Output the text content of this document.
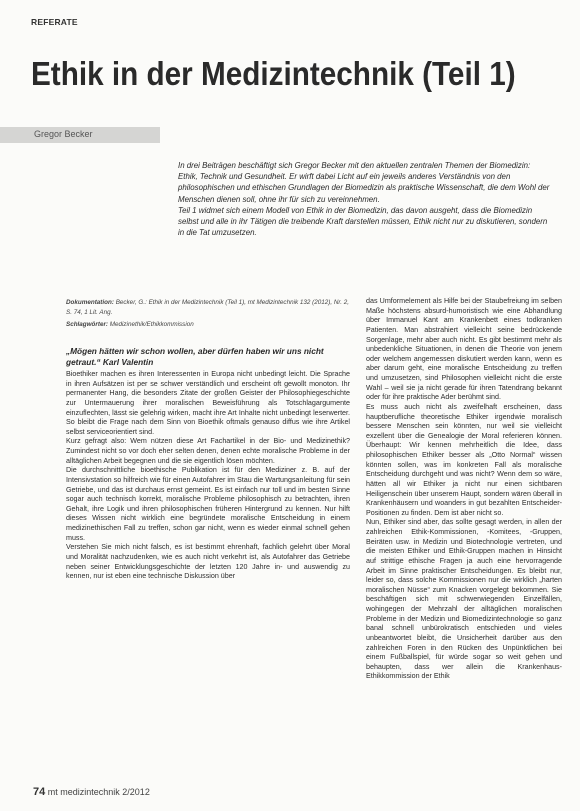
REFERATE
Ethik in der Medizintechnik (Teil 1)
Gregor Becker

In drei Beiträgen beschäftigt sich Gregor Becker mit den aktuellen zentralen Themen der Biomedizin: Ethik, Technik und Gesundheit. Er wirft dabei Licht auf ein jeweils anderes Verständnis von den philosophischen und ethischen Grundlagen der Biomedizin als praktische Wissenschaft, die dem Wohl der Menschen dienen soll, ohne ihr für sich zu vereinnehmen.

Teil 1 widmet sich einem Modell von Ethik in der Biomedizin, das davon ausgeht, dass die Biomedizin selbst und alle in ihr Tätigen die treibende Kraft darstellen müssen, Ethik nicht nur zu diskutieren, sondern in die Tat umzusetzen.

Dokumentation: Becker, G.: Ethik in der Medizintechnik (Teil 1), mt Medizintechnik 132 (2012), Nr. 2, S. 74, 1 Lit. Ang.

Schlagwörter: Medizinethik/Ethikkommission

„Mögen hätten wir schon wollen, aber dürfen haben wir uns nicht getraut.“ Karl Valentin

Bioethiker machen es ihren Interessenten in Europa nicht unbedingt leicht. Die Sprache in ihren Aufsätzen ist per se schwer verständlich und erscheint oft gewollt monoton. Ihr permanenter Hang, die besonders Zitate der großen Geister der Philosophiegeschichte zur Untermauerung ihrer moralischen Beweisführung als Totschlagargumente einzuflechten, lässt sie gelehrig wirken, macht ihre Art Inhalte nicht unbedingt leserwerter. So bleibt die Frage nach dem Sinn von Bioethik oftmals genauso diffus wie ihre Artikel selbst serviceorientiert sind.

Kurz gefragt also: Wem nützen diese Art Fachartikel in der Bio- und Medizinethik? Zumindest nicht so vor doch eher selten denen, denen echte moralische Probleme in der alltäglichen Arbeit begegnen und die sie eigentlich lösen möchten.

Die durchschnittliche bioethische Publikation ist für den Mediziner z. B. auf der Intensivstation so hilfreich wie für einen Autofahrer im Stau die Wartungsanleitung für sein Getriebe, und das ist durchaus ernst gemeint. Es ist einfach nur toll und im besten Sinne sogar auch technisch korrekt, moralische Probleme philosophisch zu betrachten, ihren Gehalt, ihre Logik und ihren philosophischen früheren Hintergrund zu kennen. Nur hilft dieses Wissen nicht wirklich eine begründete moralische Entscheidung in einem medizinethischen Fall zu treffen, schon gar nicht, wenn es wieder einmal schnell gehen muss.

Verstehen Sie mich nicht falsch, es ist bestimmt ehrenhaft, fachlich gelehrt über Moral und Moralität nachzudenken, wie es auch nicht verkehrt ist, als Autofahrer das Getriebe neben seiner Entwicklungsgeschichte der letzten 120 Jahre in- und auswendig zu kennen, nur ist eben eine technische Diskussion über

das Umformelement als Hilfe bei der Staubefreiung im selben Maße höchstens absurd-humoristisch wie eine Abhandlung über Immanuel Kant am Krankenbett eines todkranken Patienten. Man abstrahiert vielleicht seine bedrückende Sorgenlage, mehr aber auch nicht. Es gibt bestimmt mehr als unbedenkliche Situationen, in denen die Theorie von jenem oder welchem angemessen diskutiert werden kann, wenn es aber darum geht, eine moralische Entscheidung zu treffen und umzusetzen, sind Philosophen vielleicht nicht die erste Wahl – weil sie ja nicht gerade für ihren Tatendrang bekannt oder für ihre praktische Ader berühmt sind.

Es muss auch nicht als zweifelhaft erscheinen, dass hauptberufliche theoretische Ethiker irgendwie moralisch bessere Menschen sein könnten, nur weil sie vielleicht exzellent über die Genealogie der Moral referieren können. Überhaupt: Wir kennen mehrheitlich die Idee, dass philosophischen Ethiker besser als „Otto Normal“ wissen könnten sollen, was im konkreten Fall als moralische Entscheidung durchgeht und was nicht? Wenn dem so wäre, hätten all wir Ethiker ja nicht nur einen sichtbaren Heiligenschein über unserem Haupt, sondern wären überall in Krankenhäusern und woanders in gut bezahlten Entscheider-Positionen zu finden. Dem ist aber nicht so.

Nun, Ethiker sind aber, das sollte gesagt werden, in allen der zahlreichen Ethik-Kommissionen, -Komitees, -Gruppen, Beiräten usw. in Medizin und Biotechnologie vertreten, und die meisten Ethiker und Ethik-Gruppen machen in Hinsicht auf strittige ethische Fragen ja auch eine hervorragende Arbeit im Sinne praktischer Entscheidungen. Es bleibt nur, leider so, dass solche Kommissionen nur die wirklich „harten moralischen Nüsse“ zum Knacken vorgelegt bekommen. Sie beschäftigen sich mit schwerwiegenden Einzelfällen, wohingegen der Mehrzahl der alltäglichen moralischen Probleme in der Medizin und Biomedizintechnologie so ganz banal schnell unbürokratisch entschieden und vieles unbeantwortet bleibt, die Unsicherheit darüber aus den zahlreichen Foren in den Rücken des Unpünktlichen bei einem Fußballspiel, für würde sogar so weit gehen und behaupten, dass wer allein die Krankenhaus-Ethikkommission der Ethik

74 mt medizintechnik 2/2012
